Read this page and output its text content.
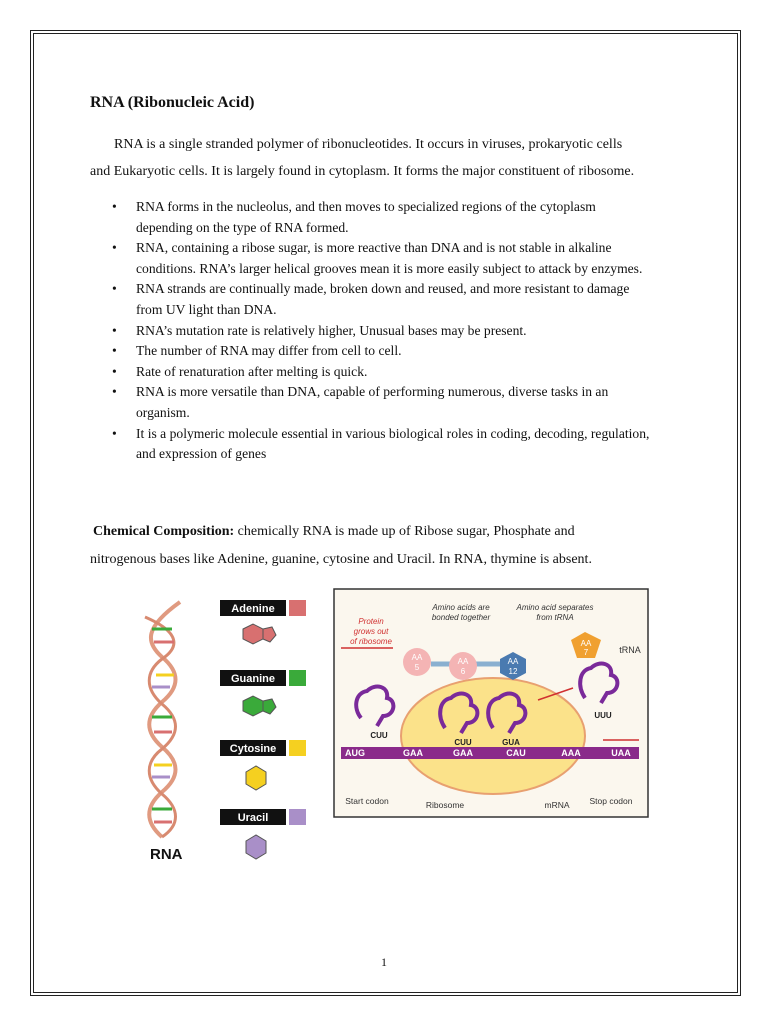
RNA (Ribonucleic Acid)

RNA is a single stranded polymer of ribonucleotides. It occurs in viruses, prokaryotic cells

and Eukaryotic cells. It is largely found in cytoplasm. It forms the major constituent of ribosome.

• RNA forms in the nucleolus, and then moves to specialized regions of the cytoplasm depending on the type of RNA formed.
• RNA, containing a ribose sugar, is more reactive than DNA and is not stable in alkaline conditions. RNA’s larger helical grooves mean it is more easily subject to attack by enzymes.
• RNA strands are continually made, broken down and reused, and more resistant to damage from UV light than DNA.
• RNA’s mutation rate is relatively higher, Unusual bases may be present.
• The number of RNA may differ from cell to cell.
• Rate of renaturation after melting is quick.
• RNA is more versatile than DNA, capable of performing numerous, diverse tasks in an organism.
• It is a polymeric molecule essential in various biological roles in coding, decoding, regulation, and expression of genes

Chemical Composition: chemically RNA is made up of Ribose sugar, Phosphate and

nitrogenous bases like Adenine, guanine, cytosine and Uracil. In RNA, thymine is absent.

RNA
Adenine
Guanine
Cytosine
Uracil
AUG	GAA	GAA	CAU	AAA	UAA
Protein
grows out
of ribosome
Amino acids are
bonded together
Amino acid separates
from tRNA
AA
5
AA
6
AA
12
AA
7	tRNA
CUU
CUU	GUA
UUU
Start codon	Ribosome	mRNA Stop codon
1
